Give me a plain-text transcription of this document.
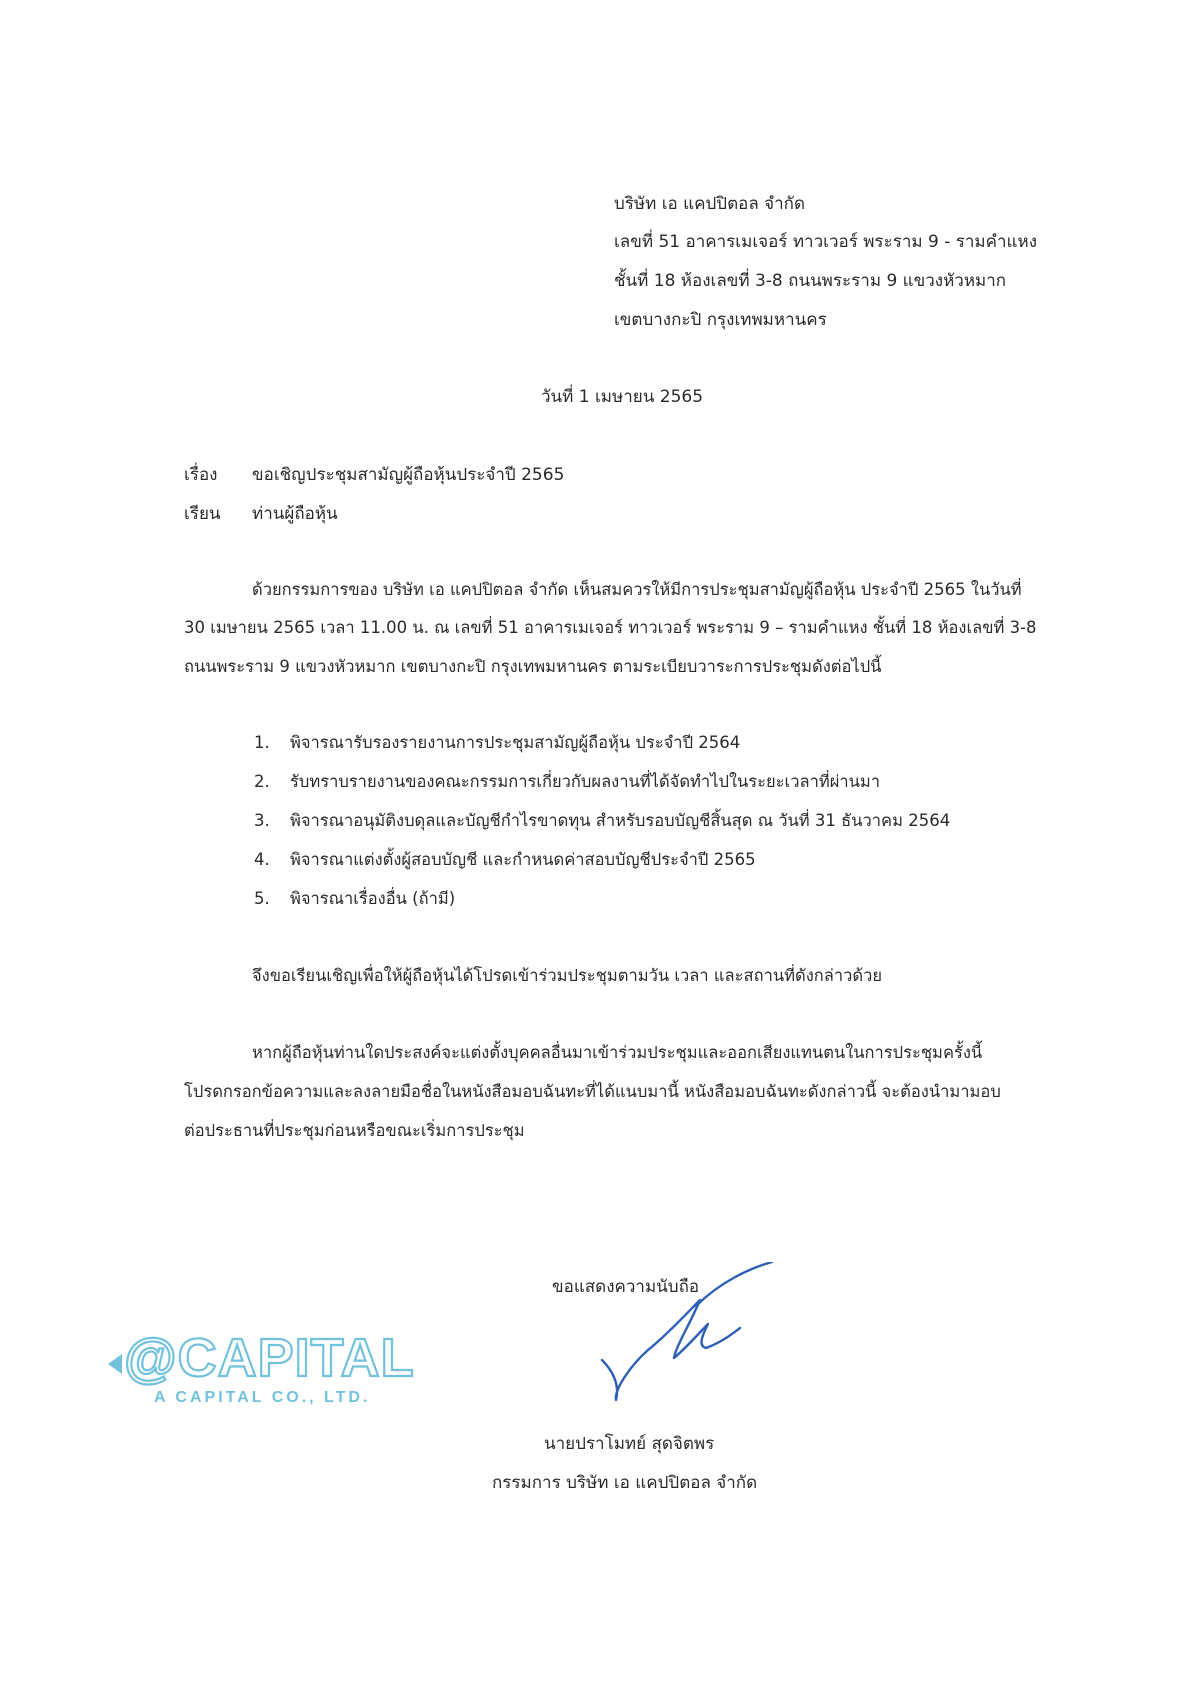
บริษัท เอ แคปปิตอล จำกัด
เลขที่ 51 อาคารเมเจอร์ ทาวเวอร์ พระราม 9 - รามคำแหง
ชั้นที่ 18 ห้องเลขที่ 3-8 ถนนพระราม 9 แขวงหัวหมาก
เขตบางกะปิ กรุงเทพมหานคร
วันที่ 1 เมษายน 2565
เรื่อง ขอเชิญประชุมสามัญผู้ถือหุ้นประจำปี 2565
เรียน ท่านผู้ถือหุ้น
ด้วยกรรมการของ บริษัท เอ แคปปิตอล จำกัด เห็นสมควรให้มีการประชุมสามัญผู้ถือหุ้น ประจำปี 2565 ในวันที่
30 เมษายน 2565 เวลา 11.00 น. ณ เลขที่ 51 อาคารเมเจอร์ ทาวเวอร์ พระราม 9 – รามคำแหง ชั้นที่ 18 ห้องเลขที่ 3-8
ถนนพระราม 9 แขวงหัวหมาก เขตบางกะปิ กรุงเทพมหานคร ตามระเบียบวาระการประชุมดังต่อไปนี้
1. พิจารณารับรองรายงานการประชุมสามัญผู้ถือหุ้น ประจำปี 2564
2. รับทราบรายงานของคณะกรรมการเกี่ยวกับผลงานที่ได้จัดทำไปในระยะเวลาที่ผ่านมา
3. พิจารณาอนุมัติงบดุลและบัญชีกำไรขาดทุน สำหรับรอบบัญชีสิ้นสุด ณ วันที่ 31 ธันวาคม 2564
4. พิจารณาแต่งตั้งผู้สอบบัญชี และกำหนดค่าสอบบัญชีประจำปี 2565
5. พิจารณาเรื่องอื่น (ถ้ามี)
จึงขอเรียนเชิญเพื่อให้ผู้ถือหุ้นได้โปรดเข้าร่วมประชุมตามวัน เวลา และสถานที่ดังกล่าวด้วย
หากผู้ถือหุ้นท่านใดประสงค์จะแต่งตั้งบุคคลอื่นมาเข้าร่วมประชุมและออกเสียงแทนตนในการประชุมครั้งนี้
โปรดกรอกข้อความและลงลายมือชื่อในหนังสือมอบฉันทะที่ได้แนบมานี้ หนังสือมอบฉันทะดังกล่าวนี้ จะต้องนำมามอบ
ต่อประธานที่ประชุมก่อนหรือขณะเริ่มการประชุม
ขอแสดงความนับถือ
@CAPITAL
A CAPITAL CO., LTD.
นายปราโมทย์ สุดจิตพร
กรรมการ บริษัท เอ แคปปิตอล จำกัด
